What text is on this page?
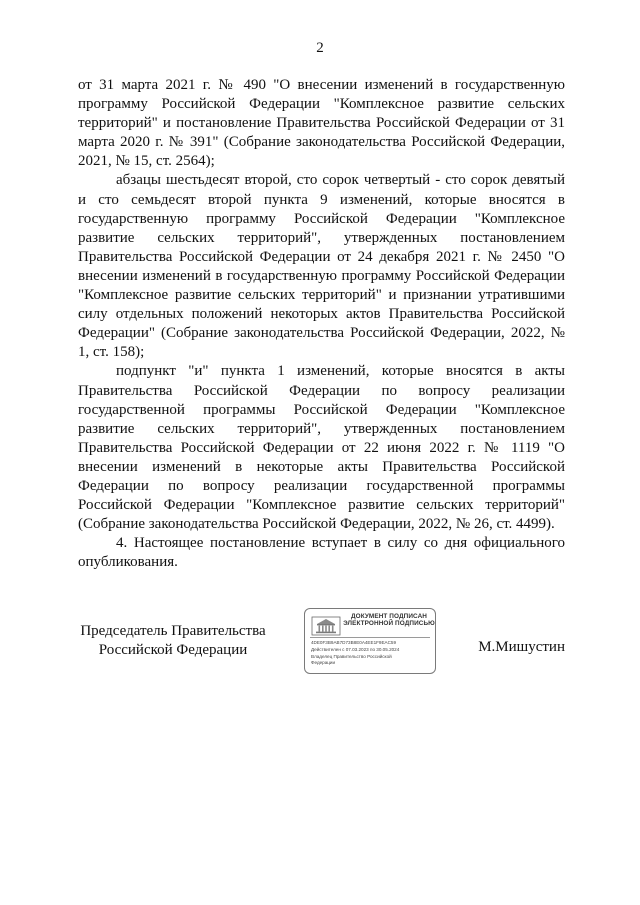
2

от 31 марта 2021 г. № 490 "О внесении изменений в государственную программу Российской Федерации "Комплексное развитие сельских территорий" и постановление Правительства Российской Федерации от 31 марта 2020 г. № 391" (Собрание законодательства Российской Федерации, 2021, № 15, ст. 2564);

абзацы шестьдесят второй, сто сорок четвертый - сто сорок девятый и сто семьдесят второй пункта 9 изменений, которые вносятся в государственную программу Российской Федерации "Комплексное развитие сельских территорий", утвержденных постановлением Правительства Российской Федерации от 24 декабря 2021 г. № 2450 "О внесении изменений в государственную программу Российской Федерации "Комплексное развитие сельских территорий" и признании утратившими силу отдельных положений некоторых актов Правительства Российской Федерации" (Собрание законодательства Российской Федерации, 2022, № 1, ст. 158);

подпункт "и" пункта 1 изменений, которые вносятся в акты Правительства Российской Федерации по вопросу реализации государственной программы Российской Федерации "Комплексное развитие сельских территорий", утвержденных постановлением Правительства Российской Федерации от 22 июня 2022 г. № 1119 "О внесении изменений в некоторые акты Правительства Российской Федерации по вопросу реализации государственной программы Российской Федерации "Комплексное развитие сельских территорий" (Собрание законодательства Российской Федерации, 2022, № 26, ст. 4499).

4. Настоящее постановление вступает в силу со дня официального опубликования.

Председатель Правительства
Российской Федерации
ДОКУМЕНТ ПОДПИСАН
ЭЛЕКТРОННОЙ ПОДПИСЬЮ
4DE0F3B9AB7D73B8E0A4EE1F9EAC59
Действителен с 07.03.2023 по 30.05.2024
Владелец Правительство Российской
Федерации
М.Мишустин
